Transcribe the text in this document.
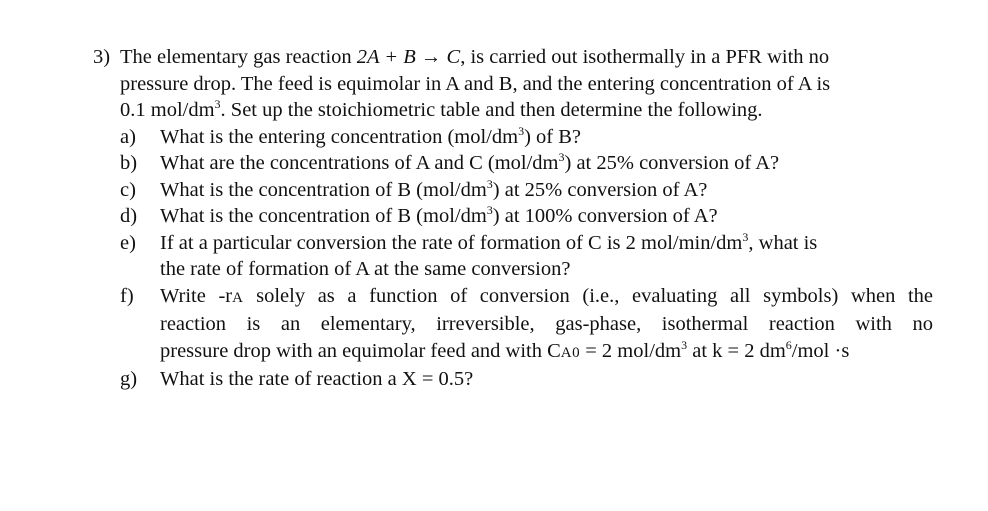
3) The elementary gas reaction 2A + B → C, is carried out isothermally in a PFR with no
pressure drop. The feed is equimolar in A and B, and the entering concentration of A is
0.1 mol/$dm^3$. Set up the stoichiometric table and then determine the following.
a) What is the entering concentration $(mol/dm^3)$ of B?
b) What are the concentrations of A and C $(mol/dm^3)$ at 25% conversion of A?
c) What is the concentration of B $(mol/dm^3)$ at 25% conversion of A?
d) What is the concentration of B $(mol/dm^3)$ at 100% conversion of A?
e) If at a particular conversion the rate of formation of C is 2 mol/$\min/dm^3$, what is
the rate of formation of A at the same conversion?
f) Write -rA solely as a function of conversion (i.e., evaluating all symbols) when the
reaction is an elementary, irreversible, gas-phase, isothermal reaction with no
pressure drop with an equimolar feed and with CA0 = 2 mol/$dm^3$ at k = 2 $dm^6$/mol ·s
g) What is the rate of reaction a X = 0.5?
